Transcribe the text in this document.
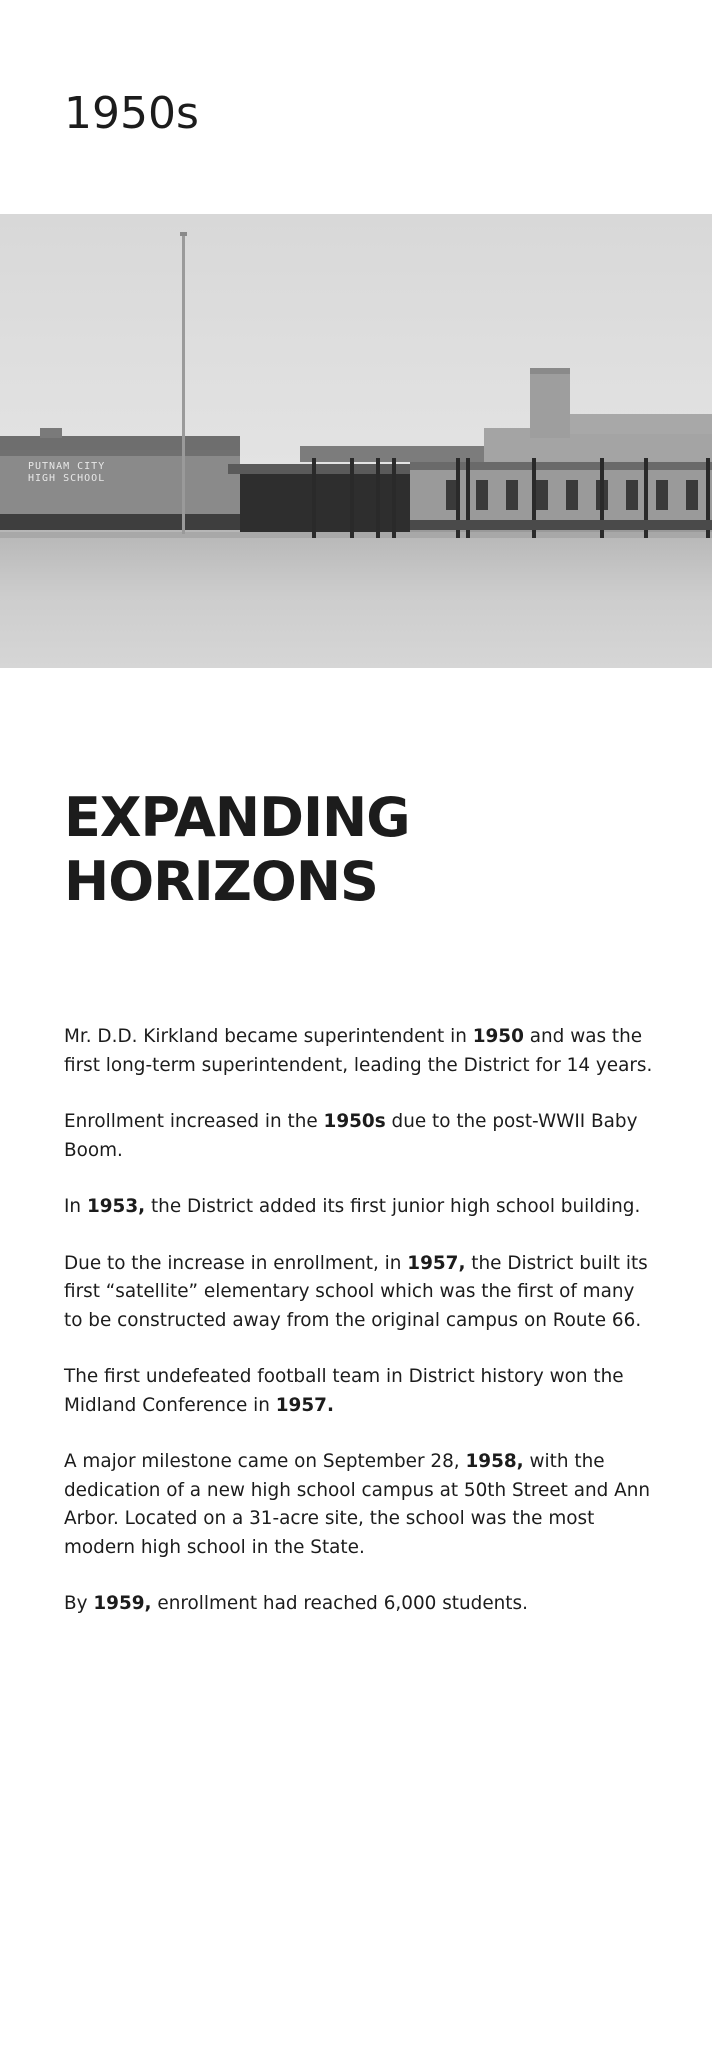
1950s
PUTNAM CITY
HIGH SCHOOL
EXPANDING
HORIZONS

Mr. D.D. Kirkland became superintendent in 1950 and was the first long-term superintendent, leading the District for 14 years.

Enrollment increased in the 1950s due to the post-WWII Baby Boom.

In 1953, the District added its first junior high school building.

Due to the increase in enrollment, in 1957, the District built its first “satellite” elementary school which was the first of many to be constructed away from the original campus on Route 66.

The first undefeated football team in District history won the Midland Conference in 1957.

A major milestone came on September 28, 1958, with the dedication of a new high school campus at 50th Street and Ann Arbor. Located on a 31-acre site, the school was the most modern high school in the State.

By 1959, enrollment had reached 6,000 students.
